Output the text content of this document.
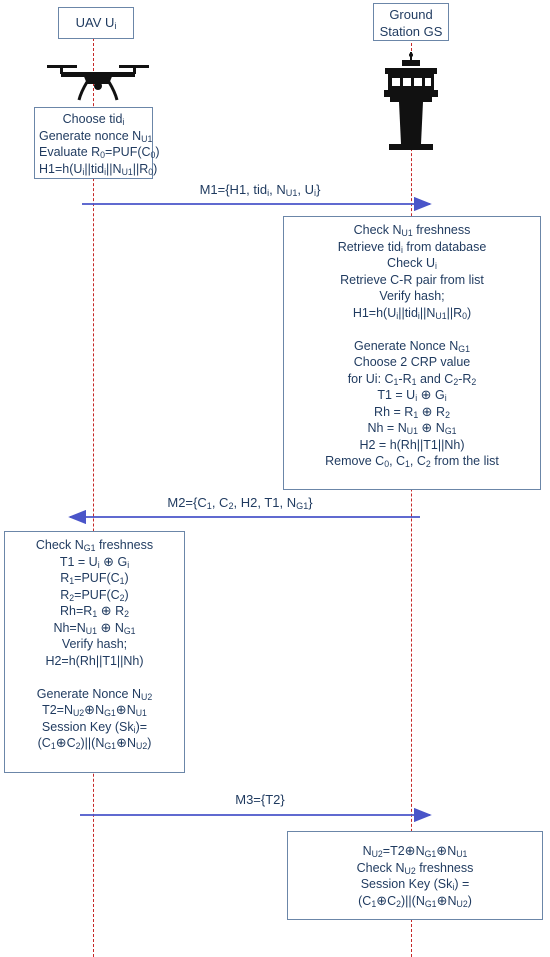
UAV $U_i$
Ground
Station GS
M1={H1, tid$_i$, $N_{U1}$, $U_i$}
$M2=\{C_1$, $C_2$, H2, T1, $N_{G1}$}
M3={T2}
Choose tid$_i$
Generate nonce $N_{U1}$
Evaluate $R_0=PUF(C_0)$
$H1=h(U_i||tid_i||N_{U1}||R_0)$
Check $N_{U1}$ freshness
Retrieve tid$_i$ from database
Check $U_i$
Retrieve C-R pair from list
Verify hash;
$H1=h(U_i||tid_i||N_{U1}||R_0)$
Generate Nonce $N_{G1}$
Choose 2 CRP value
for Ui: $C_1-R_1$ and $C_2-R_2$
$T1 = U_i$ ⊕ $G_i$
$Rh = R_1$ ⊕ $R_2$
$Nh = N_{U1}$ ⊕ $N_{G1}$
H2 = h(Rh||T1||Nh)
Remove $C_0$, $C_1$, $C_2$ from the list
Check $N_{G1}$ freshness
$T1 = U_i$ ⊕ $G_i$
$R_1=PUF(C_1)$
$R_2=PUF(C_2)$
$Rh=R_1$ ⊕ $R_2$
$Nh=N_{U1}$ ⊕ $N_{G1}$
Verify hash;
H2=h(Rh||T1||Nh)
Generate Nonce $N_{U2}$
$T2=N_{U2}\oplus N_{G1}\oplus N_{U1}$
Session Key $(Sk_i)=$
$(C_1\oplus C_2)||(N_{G1}\oplus N_{U2})$
$N_{U2}=T2\oplus N_{G1}\oplus N_{U1}$
Check $N_{U2}$ freshness
Session Key $(Sk_i)$ =
$(C_1\oplus C_2)||(N_{G1}\oplus N_{U2})$
